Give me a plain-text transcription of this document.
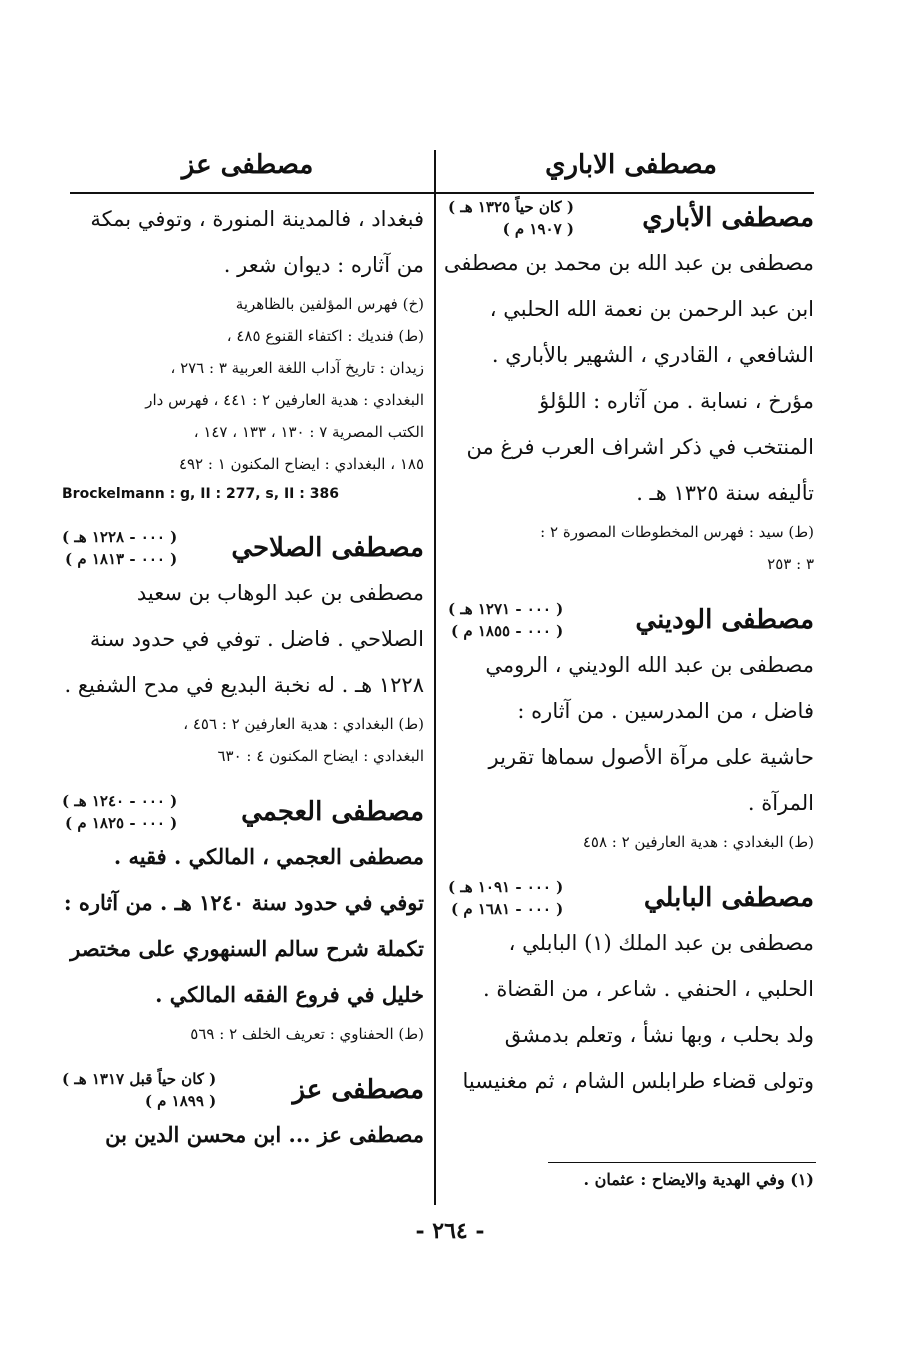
مصطفى الاباري
مصطفى عز
مصطفى الأباري
( كان حياً ١٣٢٥ هـ )
( ١٩٠٧ م )
مصطفى بن عبد الله بن محمد بن مصطفى
ابن عبد الرحمن بن نعمة الله الحلبي ،
الشافعي ، القادري ، الشهير بالأباري .
مؤرخ ، نسابة . من آثاره : اللؤلؤ
المنتخب في ذكر اشراف العرب فرغ من
تأليفه سنة ١٣٢٥ هـ .
(ط) سيد : فهرس المخطوطات المصورة ٢ :
٣ : ٢٥٣
مصطفى الوديني
( ٠٠٠ - ١٢٧١ هـ )
( ٠٠٠ - ١٨٥٥ م )
مصطفى بن عبد الله الوديني ، الرومي
فاضل ، من المدرسين . من آثاره :
حاشية على مرآة الأصول سماها تقرير
المرآة .
(ط) البغدادي : هدية العارفين ٢ : ٤٥٨
مصطفى البابلي
( ٠٠٠ - ١٠٩١ هـ )
( ٠٠٠ - ١٦٨١ م )
مصطفى بن عبد الملك (١) البابلي ،
الحلبي ، الحنفي . شاعر ، من القضاة .
ولد بحلب ، وبها نشأ ، وتعلم بدمشق
وتولى قضاء طرابلس الشام ، ثم مغنيسيا
فبغداد ، فالمدينة المنورة ، وتوفي بمكة
من آثاره : ديوان شعر .
(خ) فهرس المؤلفين بالظاهرية
(ط) فنديك : اكتفاء القنوع ٤٨٥ ،
زيدان : تاريخ آداب اللغة العربية ٣ : ٢٧٦ ،
البغدادي : هدية العارفين ٢ : ٤٤١ ، فهرس دار
الكتب المصرية ٧ : ١٣٠ ، ١٣٣ ، ١٤٧ ،
١٨٥ ، البغدادي : ايضاح المكنون ١ : ٤٩٢
Brockelmann : g, II : 277, s, II : 386
مصطفى الصلاحي
( ٠٠٠ - ١٢٢٨ هـ )
( ٠٠٠ - ١٨١٣ م )
مصطفى بن عبد الوهاب بن سعيد
الصلاحي . فاضل . توفي في حدود سنة
١٢٢٨ هـ . له نخبة البديع في مدح الشفيع .
(ط) البغدادي : هدية العارفين ٢ : ٤٥٦ ،
البغدادي : ايضاح المكنون ٤ : ٦٣٠
مصطفى العجمي
( ٠٠٠ - ١٢٤٠ هـ )
( ٠٠٠ - ١٨٢٥ م )
مصطفى العجمي ، المالكي . فقيه .
توفي في حدود سنة ١٢٤٠ هـ . من آثاره :
تكملة شرح سالم السنهوري على مختصر
خليل في فروع الفقه المالكي .
(ط) الحفناوي : تعريف الخلف ٢ : ٥٦٩
مصطفى عز
( كان حياً قبل ١٣١٧ هـ )
( ١٨٩٩ م )
مصطفى عز ... ابن محسن الدين بن
(١) وفي الهدية والايضاح : عثمان .
- ٢٦٤ -
